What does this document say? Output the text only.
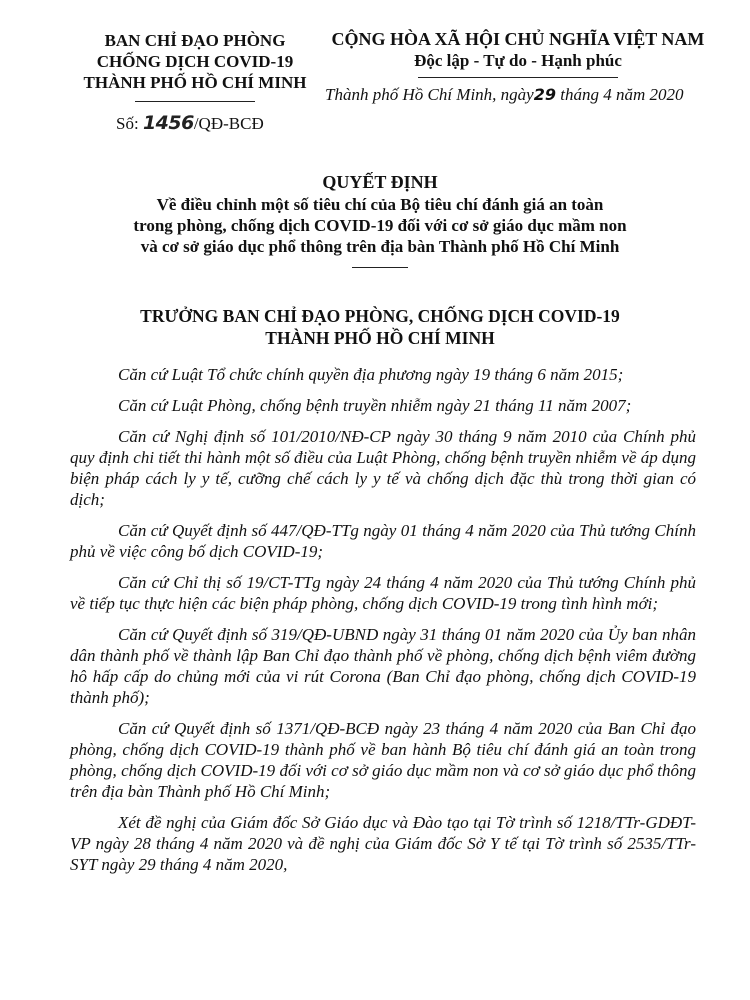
BAN CHỈ ĐẠO PHÒNG
CHỐNG DỊCH COVID-19
THÀNH PHỐ HỒ CHÍ MINH
CỘNG HÒA XÃ HỘI CHỦ NGHĨA VIỆT NAM
Độc lập - Tự do - Hạnh phúc
Thành phố Hồ Chí Minh, ngày29 tháng 4 năm 2020
Số: 1456/QĐ-BCĐ
QUYẾT ĐỊNH
Về điều chỉnh một số tiêu chí của Bộ tiêu chí đánh giá an toàn
trong phòng, chống dịch COVID-19 đối với cơ sở giáo dục mầm non
và cơ sở giáo dục phổ thông trên địa bàn Thành phố Hồ Chí Minh
TRƯỞNG BAN CHỈ ĐẠO PHÒNG, CHỐNG DỊCH COVID-19
THÀNH PHỐ HỒ CHÍ MINH

Căn cứ Luật Tổ chức chính quyền địa phương ngày 19 tháng 6 năm 2015;

Căn cứ Luật Phòng, chống bệnh truyền nhiễm ngày 21 tháng 11 năm 2007;

Căn cứ Nghị định số 101/2010/NĐ-CP ngày 30 tháng 9 năm 2010 của Chính phủ quy định chi tiết thi hành một số điều của Luật Phòng, chống bệnh truyền nhiễm về áp dụng biện pháp cách ly y tế, cưỡng chế cách ly y tế và chống dịch đặc thù trong thời gian có dịch;

Căn cứ Quyết định số 447/QĐ-TTg ngày 01 tháng 4 năm 2020 của Thủ tướng Chính phủ về việc công bố dịch COVID-19;

Căn cứ Chỉ thị số 19/CT-TTg ngày 24 tháng 4 năm 2020 của Thủ tướng Chính phủ về tiếp tục thực hiện các biện pháp phòng, chống dịch COVID-19 trong tình hình mới;

Căn cứ Quyết định số 319/QĐ-UBND ngày 31 tháng 01 năm 2020 của Ủy ban nhân dân thành phố về thành lập Ban Chỉ đạo thành phố về phòng, chống dịch bệnh viêm đường hô hấp cấp do chủng mới của vi rút Corona (Ban Chỉ đạo phòng, chống dịch COVID-19 thành phố);

Căn cứ Quyết định số 1371/QĐ-BCĐ ngày 23 tháng 4 năm 2020 của Ban Chỉ đạo phòng, chống dịch COVID-19 thành phố về ban hành Bộ tiêu chí đánh giá an toàn trong phòng, chống dịch COVID-19 đối với cơ sở giáo dục mầm non và cơ sở giáo dục phổ thông trên địa bàn Thành phố Hồ Chí Minh;

Xét đề nghị của Giám đốc Sở Giáo dục và Đào tạo tại Tờ trình số 1218/TTr-GDĐT-VP ngày 28 tháng 4 năm 2020 và đề nghị của Giám đốc Sở Y tế tại Tờ trình số 2535/TTr-SYT ngày 29 tháng 4 năm 2020,
